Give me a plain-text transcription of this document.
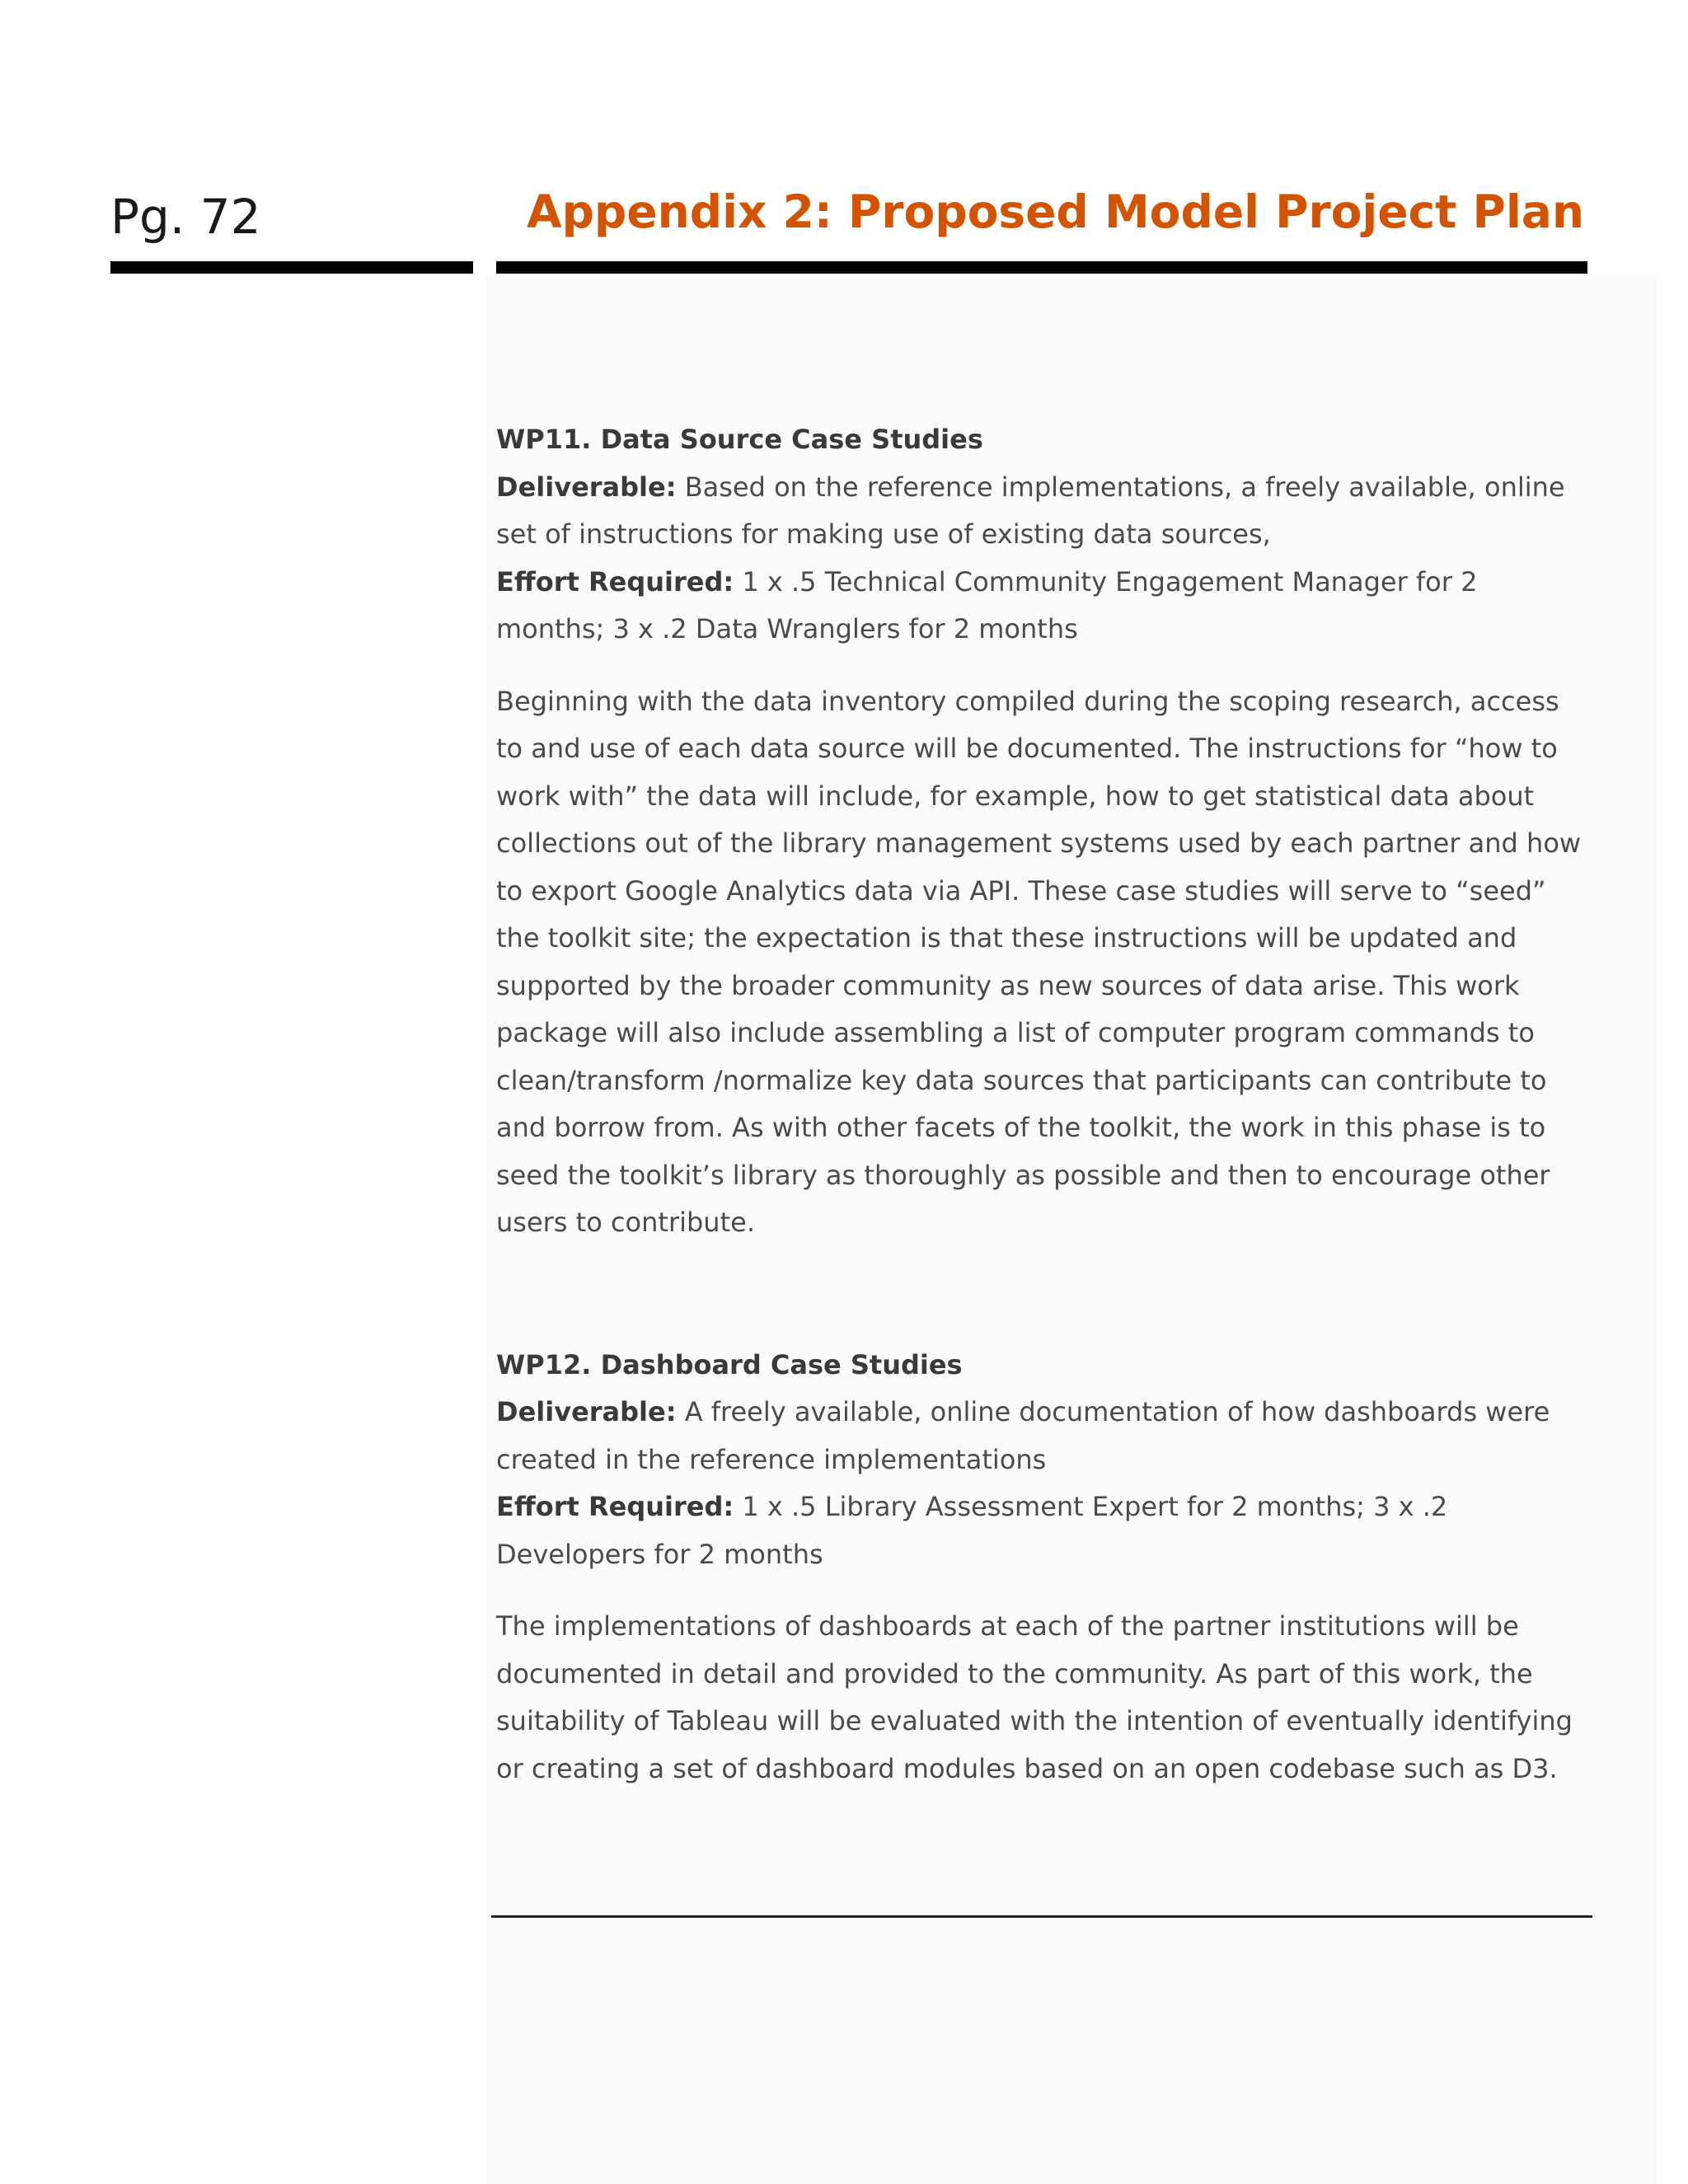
Pg. 72	Appendix 2: Proposed Model Project Plan

WP11. Data Source Case Studies

Deliverable: Based on the reference implementations, a freely available, online set of instructions for making use of existing data sources,

Effort Required: 1 x .5 Technical Community Engagement Manager for 2 months; 3 x .2 Data Wranglers for 2 months

Beginning with the data inventory compiled during the scoping research, access to and use of each data source will be documented. The instructions for “how to work with” the data will include, for example, how to get statistical data about collections out of the library management systems used by each partner and how to export Google Analytics data via API. These case studies will serve to “seed” the toolkit site; the expectation is that these instructions will be updated and supported by the broader community as new sources of data arise. This work package will also include assembling a list of computer program commands to clean/transform /normalize key data sources that participants can contribute to and borrow from. As with other facets of the toolkit, the work in this phase is to seed the toolkit’s library as thoroughly as possible and then to encourage other users to contribute.

WP12. Dashboard Case Studies

Deliverable: A freely available, online documentation of how dashboards were created in the reference implementations

Effort Required: 1 x .5 Library Assessment Expert for 2 months; 3 x .2 Developers for 2 months

The implementations of dashboards at each of the partner institutions will be documented in detail and provided to the community. As part of this work, the suitability of Tableau will be evaluated with the intention of eventually identifying or creating a set of dashboard modules based on an open codebase such as D3.
